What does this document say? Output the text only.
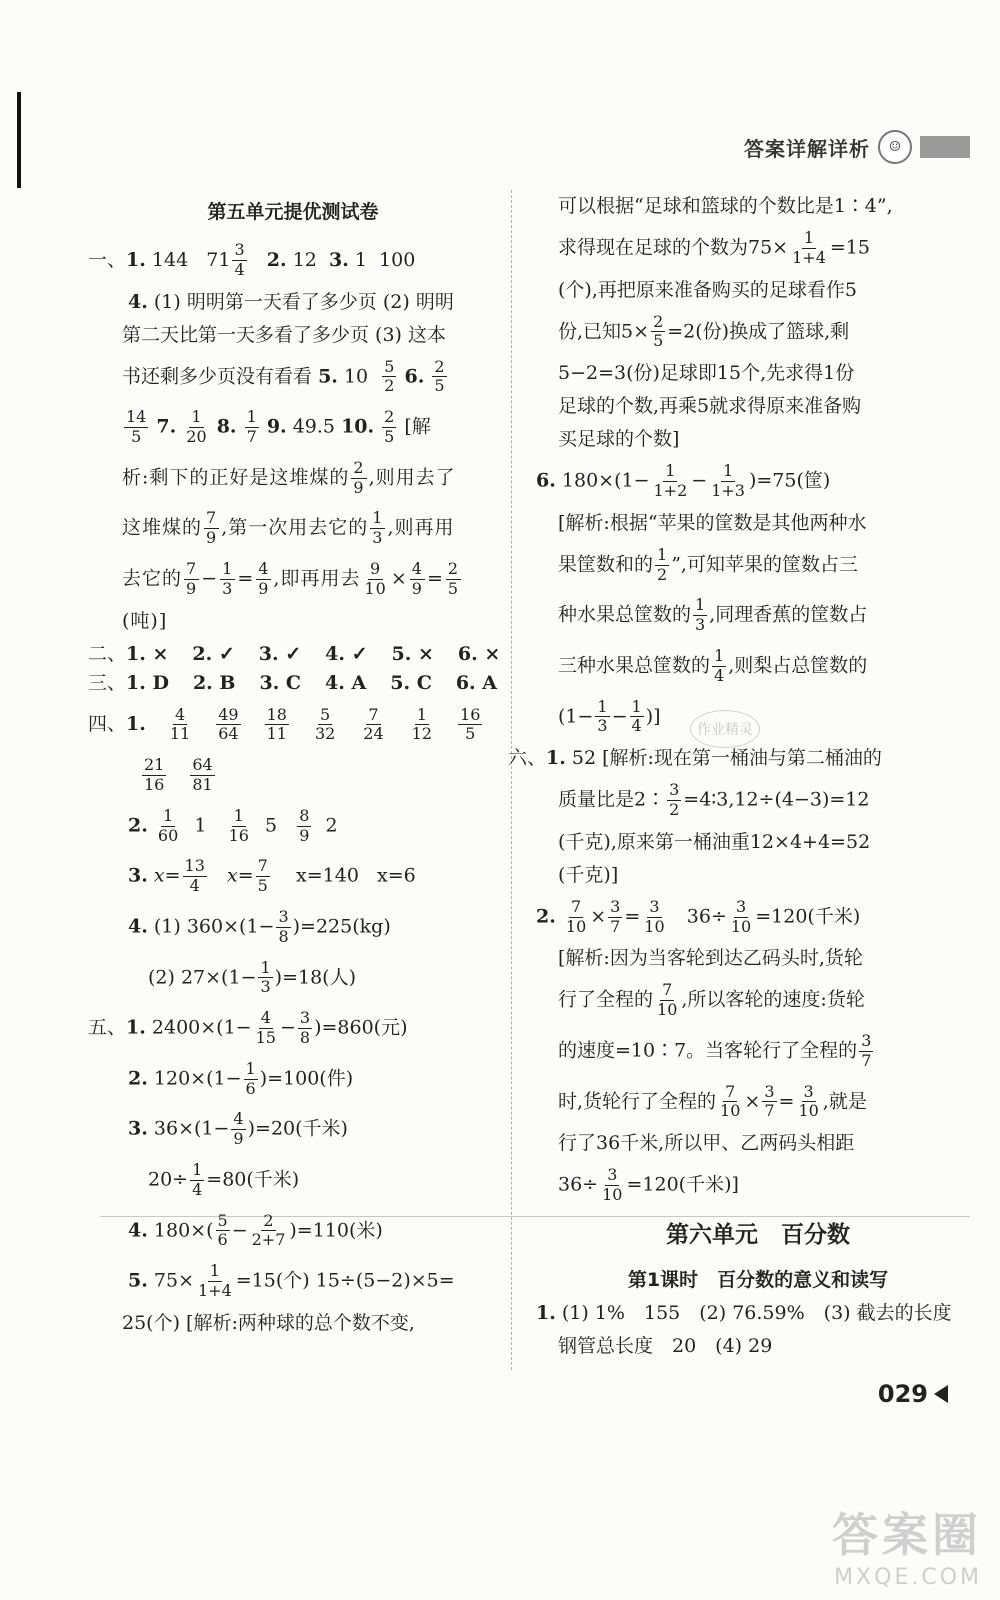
答案详解详析	☺
第五单元提优测试卷
一、1. 144 $71 \frac{3}{4} 2$. 12 3. 1 100
4. (1) 明明第一天看了多少页 (2) 明明
第二天比第一天多看了多少页 (3) 这本
书还剩多少页没有看看 5. $10 \frac{5}{2} 6$. $\frac{2}{5}$
$\frac{14}{5} 7$. $\frac{1}{20} 8$. $\frac{1}{7} 9$. 49.5 10. $\frac{2}{5}$ [解
析:剩下的正好是这堆煤的 $\frac{2}{9}$ ,则用去了
这堆煤的 $\frac{7}{9}$ ,第一次用去它的 $\frac{1}{3}$ ,则再用
去它的 $\frac{7}{9} - \frac{1}{3} = \frac{4}{9}$ ,即再用去 $\frac{9}{10} \times \frac{4}{9} = \frac{2}{5}$
(吨)]
二、1. × 2. ✓ 3. ✓ 4. ✓ 5. × 6. ×
三、1. D 2. B 3. C 4. A 5. C 6. A
四、1. $\frac{4}{11} \frac{49}{64} \frac{18}{11} \frac{5}{32} \frac{7}{24} \frac{1}{12} \frac{16}{5}$
$\frac{21}{16} \frac{64}{81}$
2. $\frac{1}{60} 1 \frac{1}{16} 5 \frac{8}{9} 2$
3. $x= \frac{13}{4} x= \frac{7}{5} x=140$ x=6
4. (1) $360\times(1- \frac{3}{8} )=225(kg)$
(2) $27\times(1- \frac{1}{3} )=18$(人)
五、1. $2400\times(1- \frac{4}{15} - \frac{3}{8} )=860$(元)
2. $120\times(1- \frac{1}{6} )=100$(件)
3. $36\times(1- \frac{4}{9} )=20$(千米)
$20\div \frac{1}{4} =80$(千米)
4. $180\times( \frac{5}{6} - \frac{2}{2+7} )=110$(米)
5. $75\times \frac{1}{1+4} =15$(个) 15÷(5−2)×5=
25(个) [解析:两种球的总个数不变,
可以根据“足球和篮球的个数比是1∶4”,
求得现在足球的个数为$75\times \frac{1}{1+4} =15$
(个),再把原来准备购买的足球看作5
份,已知$5\times \frac{2}{5} =2$(份)换成了篮球,剩
5−2=3(份)足球即15个,先求得1份
足球的个数,再乘5就求得原来准备购
买足球的个数]
6. $180\times(1- \frac{1}{1+2} - \frac{1}{1+3} )=75$(筐)
[解析:根据“苹果的筐数是其他两种水
果筐数和的 $\frac{1}{2}$ ”,可知苹果的筐数占三
种水果总筐数的 $\frac{1}{3}$ ,同理香蕉的筐数占
三种水果总筐数的 $\frac{1}{4}$ ,则梨占总筐数的
($1- \frac{1}{3} - \frac{1}{4}$ )]
六、1. 52 [解析:现在第一桶油与第二桶油的
质量比是2∶ $\frac{3}{2}$ =4∶3,12÷(4−3)=12
(千克),原来第一桶油重12×4+4=52
(千克)]
2. $\frac{7}{10} \times \frac{3}{7} = \frac{3}{10} 36\div \frac{3}{10} =120$(千米)
[解析:因为当客轮到达乙码头时,货轮
行了全程的 $\frac{7}{10}$ ,所以客轮的速度:货轮
的速度=10∶7。当客轮行了全程的 $\frac{3}{7}$
时,货轮行了全程的 $\frac{7}{10} \times \frac{3}{7} = \frac{3}{10}$ ,就是
行了36千米,所以甲、乙两码头相距
$36\div \frac{3}{10} =120$(千米)]
第六单元　百分数
第1课时　百分数的意义和读写
1. (1) 1%　155　(2) 76.59%　(3) 截去的长度
钢管总长度　20　(4) 29
作业精灵
029
答案圈
MXQE.COM
